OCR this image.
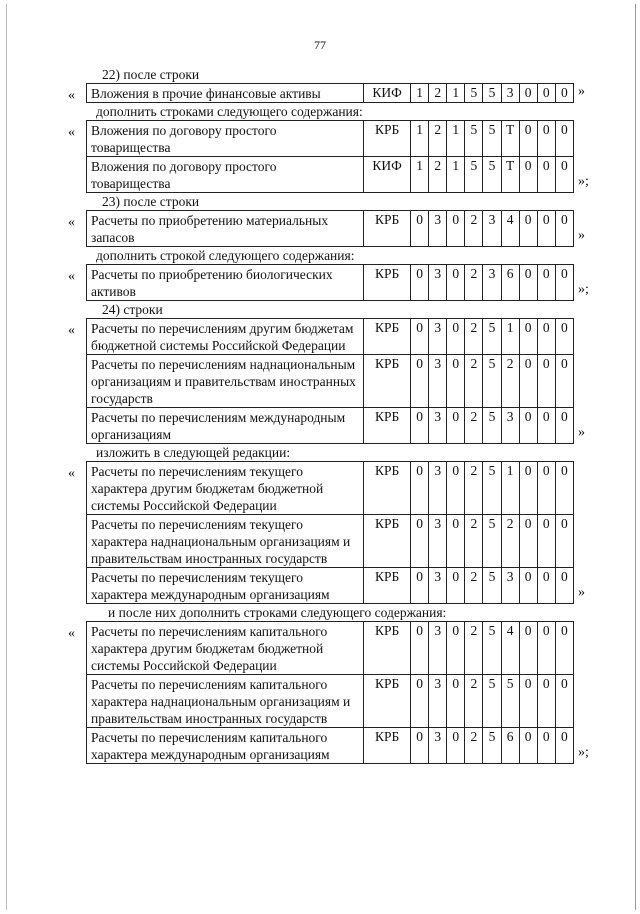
77
22) после строки
Вложения в прочие финансовые активы	КИФ	1	2	1	5	5	3	0	0	0
«	»
дополнить строками следующего содержания:
Вложения по договору простого товарищества	КРБ	1	2	1	5	5	Т	0	0	0
Вложения по договору простого товарищества	КИФ	1	2	1	5	5	Т	0	0	0
«
»;
23) после строки
Расчеты по приобретению материальных запасов	КРБ	0	3	0	2	3	4	0	0	0
«
»
дополнить строкой следующего содержания:
Расчеты по приобретению биологических активов	КРБ	0	3	0	2	3	6	0	0	0
«
»;
24) строки
Расчеты по перечислениям другим бюджетам бюджетной системы Российской Федерации	КРБ	0	3	0	2	5	1	0	0	0
Расчеты по перечислениям наднациональным организациям и правительствам иностранных государств	КРБ	0	3	0	2	5	2	0	0	0
Расчеты по перечислениям международным организациям	КРБ	0	3	0	2	5	3	0	0	0
«
»
изложить в следующей редакции:
Расчеты по перечислениям текущего характера другим бюджетам бюджетной системы Российской Федерации	КРБ	0	3	0	2	5	1	0	0	0
Расчеты по перечислениям текущего характера наднациональным организациям и правительствам иностранных государств	КРБ	0	3	0	2	5	2	0	0	0
Расчеты по перечислениям текущего характера международным организациям	КРБ	0	3	0	2	5	3	0	0	0
«
»
и после них дополнить строками следующего содержания:
Расчеты по перечислениям капитального характера другим бюджетам бюджетной системы Российской Федерации	КРБ	0	3	0	2	5	4	0	0	0
Расчеты по перечислениям капитального характера наднациональным организациям и правительствам иностранных государств	КРБ	0	3	0	2	5	5	0	0	0
Расчеты по перечислениям капитального характера международным организациям	КРБ	0	3	0	2	5	6	0	0	0
«
»;
